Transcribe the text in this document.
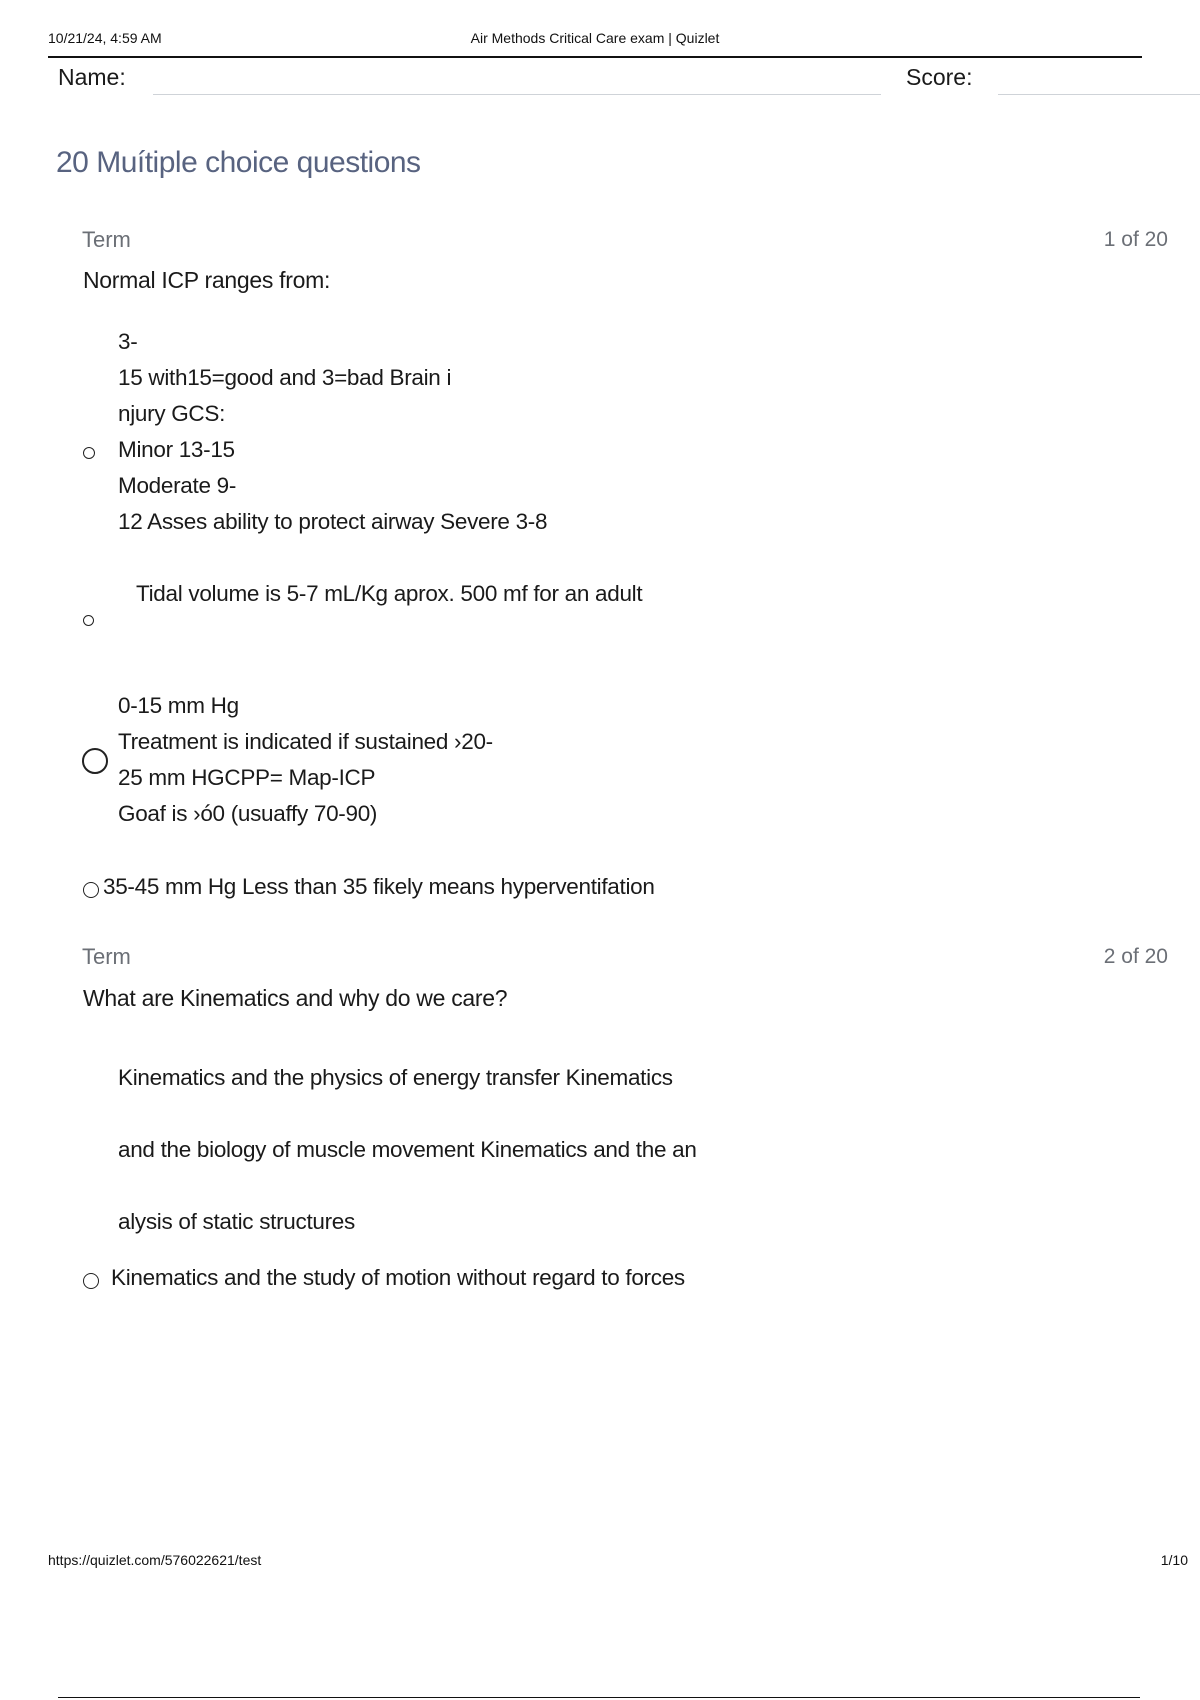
10/21/24, 4:59 AM	Air Methods Critical Care exam | Quizlet
Name:	Score:
20 Muítiple choice questions
Term	1 of 20
Normal ICP ranges from:
3-
15 with15=good and 3=bad Brain i
njury GCS:
Minor 13-15
Moderate 9-
12 Asses ability to protect airway Severe 3-8
Tidal volume is 5-7 mL/Kg aprox. 500 mf for an adult
0-15 mm Hg
Treatment is indicated if sustained ›20-
25 mm HGCPP= Map-ICP
Goaf is ›ó0 (usuaffy 70-90)
35-45 mm Hg Less than 35 fikely means hyperventifation
Term	2 of 20
What are Kinematics and why do we care?
Kinematics and the physics of energy transfer Kinematics
and the biology of muscle movement Kinematics and the an
alysis of static structures
Kinematics and the study of motion without regard to forces
https://quizlet.com/576022621/test	1/10
